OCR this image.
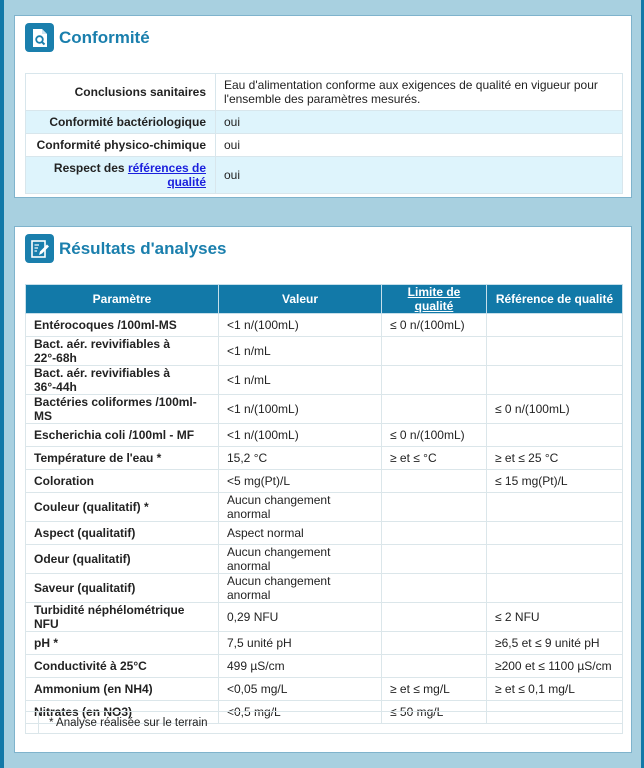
Conformité
Conclusions sanitaires	Eau d'alimentation conforme aux exigences de qualité en vigueur pour l'ensemble des paramètres mesurés.
Conformité bactériologique	oui
Conformité physico-chimique	oui
Respect des références de qualité	oui
Résultats d'analyses
Paramètre	Valeur	Limite de qualité	Référence de qualité
Entérocoques /100ml-MS	<1 n/(100mL)	≤ 0 n/(100mL)	
Bact. aér. revivifiables à 22°-68h	<1 n/mL		
Bact. aér. revivifiables à 36°-44h	<1 n/mL		
Bactéries coliformes /100ml-MS	<1 n/(100mL)		≤ 0 n/(100mL)
Escherichia coli /100ml - MF	<1 n/(100mL)	≤ 0 n/(100mL)	
Température de l'eau *	15,2 °C	≥ et ≤ °C	≥ et ≤ 25 °C
Coloration	<5 mg(Pt)/L		≤ 15 mg(Pt)/L
Couleur (qualitatif) *	Aucun changement anormal		
Aspect (qualitatif)	Aspect normal		
Odeur (qualitatif)	Aucun changement anormal		
Saveur (qualitatif)	Aucun changement anormal		
Turbidité néphélométrique NFU	0,29 NFU		≤ 2 NFU
pH *	7,5 unité pH		≥6,5 et ≤ 9 unité pH
Conductivité à 25°C	499 µS/cm		≥200 et ≤ 1100 µS/cm
Ammonium (en NH4)	<0,05 mg/L	≥ et ≤ mg/L	≥ et ≤ 0,1 mg/L
Nitrates (en NO3)	<0,5 mg/L	≤ 50 mg/L	
* Analyse réalisée sur le terrain
